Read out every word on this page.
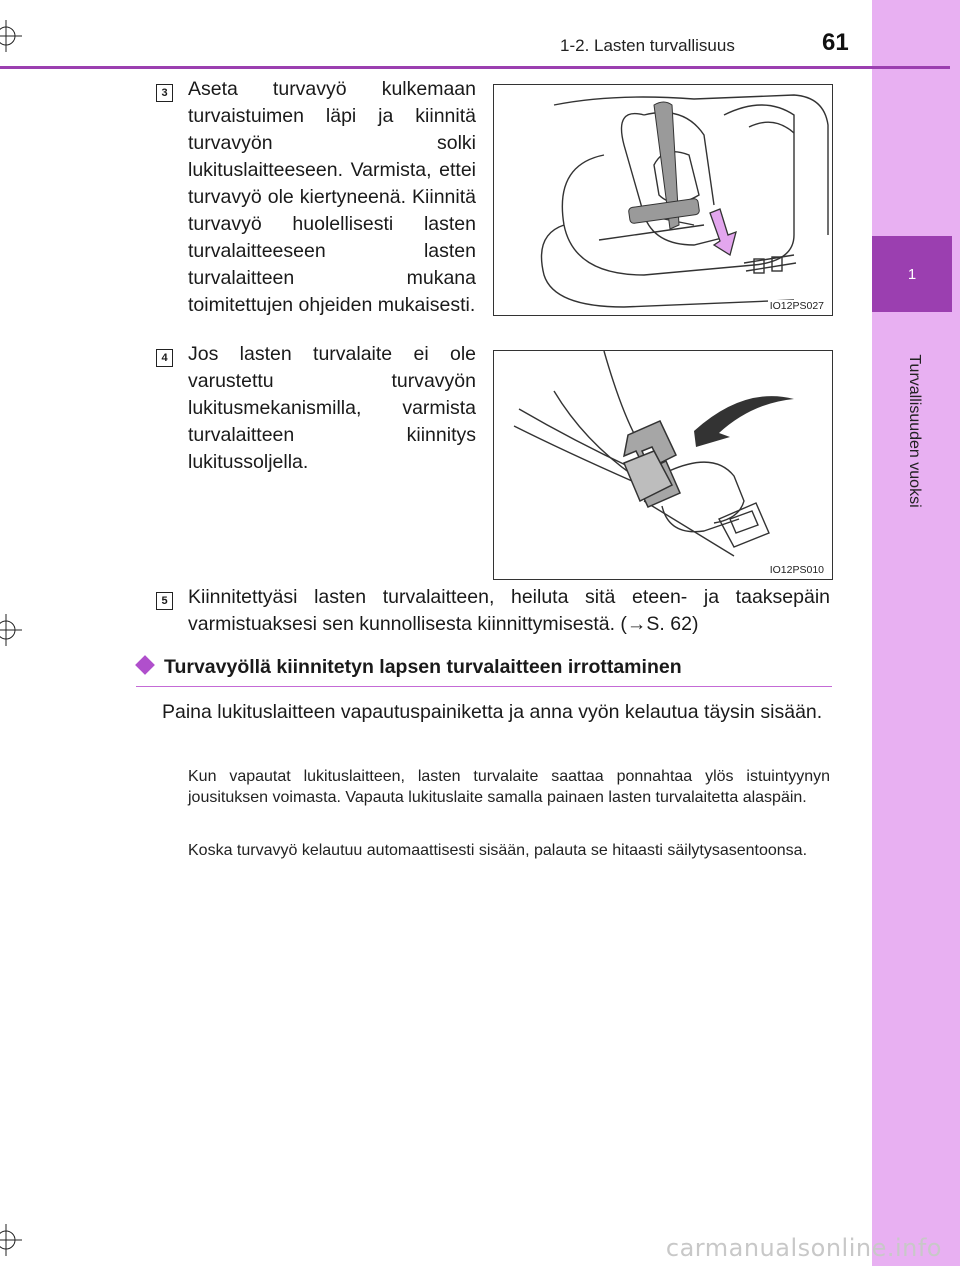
1
Turvallisuuden vuoksi
1-2. Lasten turvallisuus	61
3 Aseta turvavyö kulkemaan turvaistuimen läpi ja kiinnitä turvavyön solki lukituslaitteeseen. Varmista, ettei turvavyö ole kiertyneenä. Kiinnitä turvavyö huolellisesti lasten turvalaitteeseen lasten turvalaitteen mukana toimitettujen ohjeiden mukaisesti.	IO12PS027
4 Jos lasten turvalaite ei ole varustettu turvavyön lukitusmekanismilla, varmista turvalaitteen kiinnitys lukitussoljella.

IO12PS010
5 Kiinnitettyäsi lasten turvalaitteen, heiluta sitä eteen- ja taaksepäin varmistuaksesi sen kunnollisesta kiinnittymisestä. (→S. 62)

Turvavyöllä kiinnitetyn lapsen turvalaitteen irrottaminen

Paina lukituslaitteen vapautuspainiketta ja anna vyön kelautua täysin sisään.

Kun vapautat lukituslaitteen, lasten turvalaite saattaa ponnahtaa ylös istuintyynyn jousituksen voimasta. Vapauta lukituslaite samalla painaen lasten turvalaitetta alaspäin.

Koska turvavyö kelautuu automaattisesti sisään, palauta se hitaasti säilytysasentoonsa.

carmanualsonline.info
